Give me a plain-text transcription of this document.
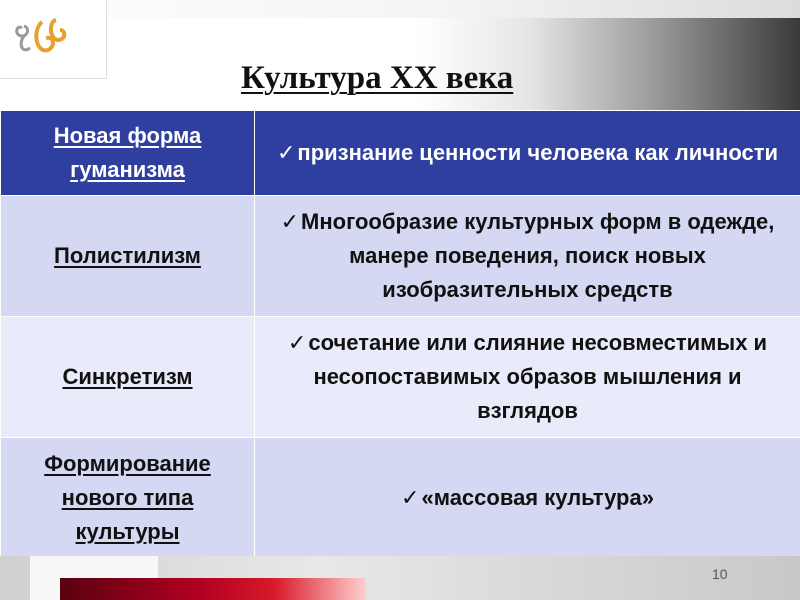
Культура ХХ века
Новая форма гуманизма	✓признание ценности человека как личности
Полистилизм	✓Многообразие культурных форм в одежде, манере поведения, поиск новых изобразительных средств
Синкретизм	✓сочетание или слияние несовместимых и несопоставимых образов мышления и взглядов
Формирование нового типа культуры	✓«массовая культура»
10
